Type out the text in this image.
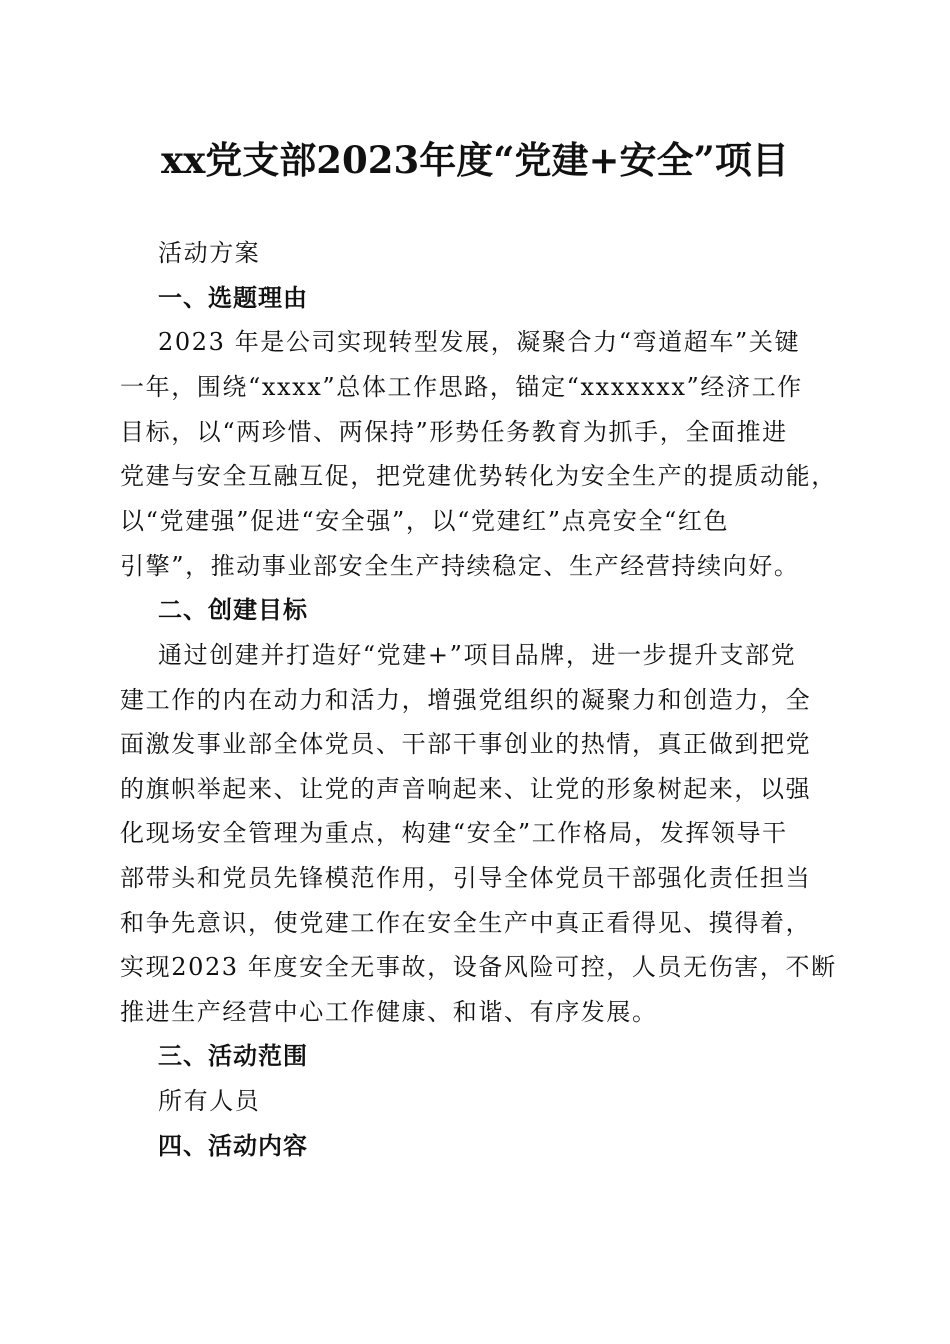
xx党支部2023年度“党建+安全”项目
活动方案
一、选题理由
2023 年是公司实现转型发展，凝聚合力“弯道超车”关键
一年，围绕“xxxx”总体工作思路，锚定“xxxxxxx”经济工作
目标，以“两珍惜、两保持”形势任务教育为抓手，全面推进
党建与安全互融互促，把党建优势转化为安全生产的提质动能，
以“党建强”促进“安全强”，以“党建红”点亮安全“红色
引擎”，推动事业部安全生产持续稳定、生产经营持续向好。
二、创建目标
通过创建并打造好“党建+”项目品牌，进一步提升支部党
建工作的内在动力和活力，增强党组织的凝聚力和创造力，全
面激发事业部全体党员、干部干事创业的热情，真正做到把党
的旗帜举起来、让党的声音响起来、让党的形象树起来，以强
化现场安全管理为重点，构建“安全”工作格局，发挥领导干
部带头和党员先锋模范作用，引导全体党员干部强化责任担当
和争先意识，使党建工作在安全生产中真正看得见、摸得着，
实现2023 年度安全无事故，设备风险可控，人员无伤害，不断
推进生产经营中心工作健康、和谐、有序发展。
三、活动范围
所有人员
四、活动内容
